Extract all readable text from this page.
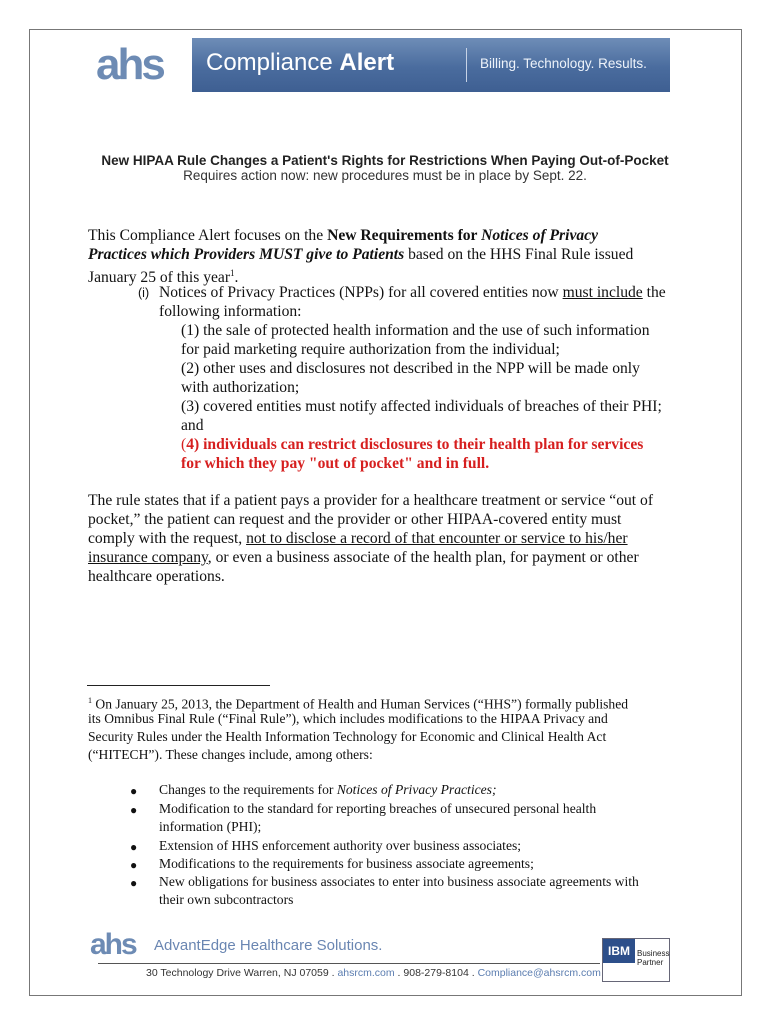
ahs Compliance Alert	Billing. Technology. Results.
New HIPAA Rule Changes a Patient's Rights for Restrictions When Paying Out-of-Pocket
Requires action now: new procedures must be in place by Sept. 22.
This Compliance Alert focuses on the New Requirements for Notices of Privacy
Practices which Providers MUST give to Patients based on the HHS Final Rule issued
January 25 of this year$^1$.
(i) Notices of Privacy Practices (NPPs) for all covered entities now must include the
following information:
(1) the sale of protected health information and the use of such information
for paid marketing require authorization from the individual;
(2) other uses and disclosures not described in the NPP will be made only
with authorization;
(3) covered entities must notify affected individuals of breaches of their PHI;
and
(4) individuals can restrict disclosures to their health plan for services
for which they pay "out of pocket" and in full.
The rule states that if a patient pays a provider for a healthcare treatment or service “out of
pocket,” the patient can request and the provider or other HIPAA-covered entity must
comply with the request, not to disclose a record of that encounter or service to his/her
insurance company, or even a business associate of the health plan, for payment or other
healthcare operations.
$^1$ On January 25, 2013, the Department of Health and Human Services (“HHS”) formally published
its Omnibus Final Rule (“Final Rule”), which includes modifications to the HIPAA Privacy and
Security Rules under the Health Information Technology for Economic and Clinical Health Act
(“HITECH”). These changes include, among others:
● Changes to the requirements for Notices of Privacy Practices;
● Modification to the standard for reporting breaches of unsecured personal health
information (PHI);
● Extension of HHS enforcement authority over business associates;
● Modifications to the requirements for business associate agreements;
● New obligations for business associates to enter into business associate agreements with
their own subcontractors
ahs AdvantEdge Healthcare Solutions.
30 Technology Drive Warren, NJ 07059 . ahsrcm.com . 908-279-8104 . Compliance@ahsrcm.com
IBM Business
Partner
